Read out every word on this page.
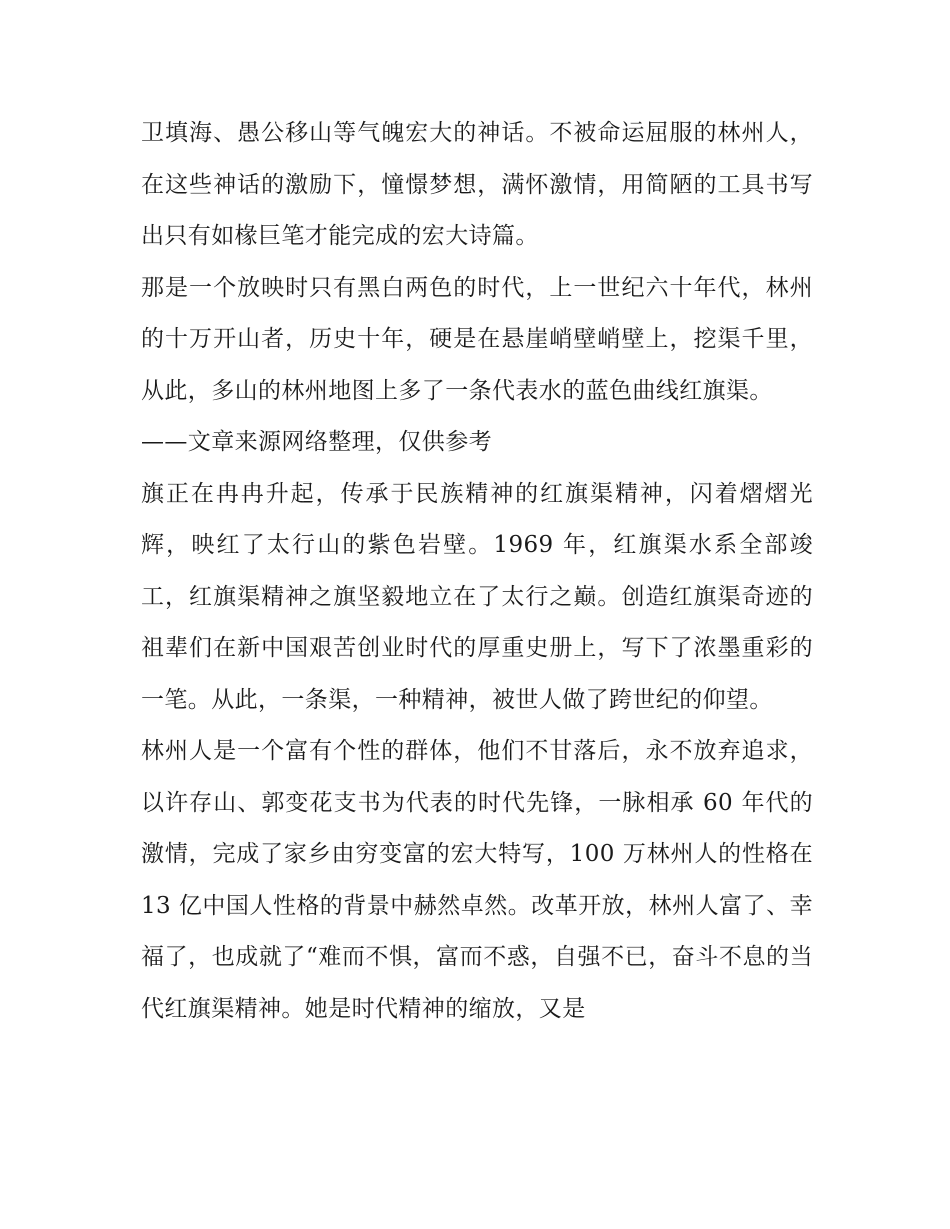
卫填海、愚公移山等气魄宏大的神话。不被命运屈服的林州人，在这些神话的激励下，憧憬梦想，满怀激情，用简陋的工具书写出只有如椽巨笔才能完成的宏大诗篇。

那是一个放映时只有黑白两色的时代，上一世纪六十年代，林州的十万开山者，历史十年，硬是在悬崖峭壁峭壁上，挖渠千里，从此，多山的林州地图上多了一条代表水的蓝色曲线红旗渠。

——文章来源网络整理，仅供参考

旗正在冉冉升起，传承于民族精神的红旗渠精神，闪着熠熠光辉，映红了太行山的紫色岩壁。1969 年，红旗渠水系全部竣工，红旗渠精神之旗坚毅地立在了太行之巅。创造红旗渠奇迹的祖辈们在新中国艰苦创业时代的厚重史册上，写下了浓墨重彩的一笔。从此，一条渠，一种精神，被世人做了跨世纪的仰望。

林州人是一个富有个性的群体，他们不甘落后，永不放弃追求，以许存山、郭变花支书为代表的时代先锋，一脉相承 60 年代的激情，完成了家乡由穷变富的宏大特写，100 万林州人的性格在 13 亿中国人性格的背景中赫然卓然。改革开放，林州人富了、幸福了，也成就了“难而不惧，富而不惑，自强不已，奋斗不息的当代红旗渠精神。她是时代精神的缩放，又是
